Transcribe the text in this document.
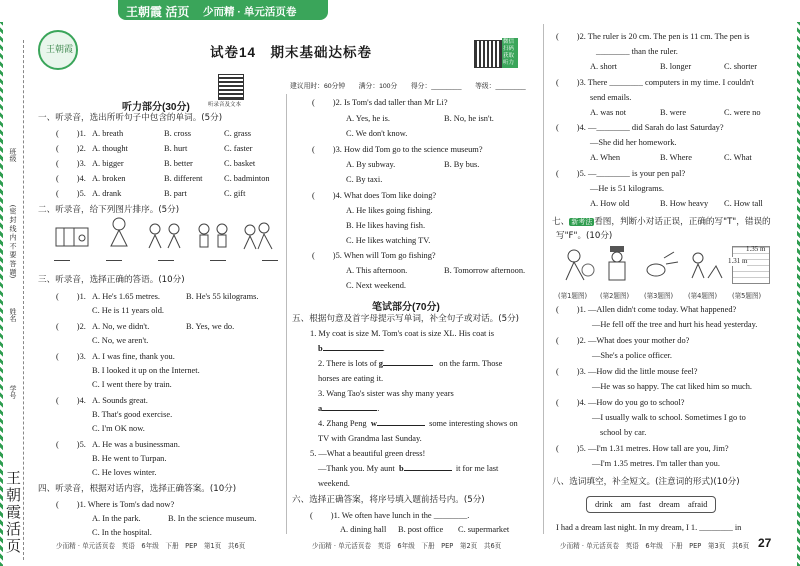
王朝霞 活页 少而精 · 单元活页卷
班级
(密 封 线 内 不 要 答 题)
姓名
学号
王
朝
霞
活
页
王朝霞	试卷14　期末基础达标卷
微信扫码获取听力
听录音及文本
建议用时：60分钟　　满分：100分　　得分：________　　等级：________
听力部分(30分)
一、听录音，选出所听句子中包含的单词。(5分)
( )1. A. breath	B. cross	C. grass
( )2. A. thought	B. hurt	C. faster
( )3. A. bigger	B. better	C. basket
( )4. A. broken	B. different	C. badminton
( )5. A. drank	B. part	C. gift
二、听录音，给下列图片排序。(5分)
三、听录音，选择正确的答语。(10分)
( )1. A. He's 1.65 metres.	B. He's 55 kilograms.
C. He is 11 years old.
( )2. A. No, we didn't.	B. Yes, we do.
C. No, we aren't.
( )3. A. I was fine, thank you.
B. I looked it up on the Internet.
C. I went there by train.
( )4. A. Sounds great.
B. That's good exercise.
C. I'm OK now.
( )5. A. He was a businessman.
B. He went to Turpan.
C. He loves winter.
四、听录音，根据对话内容，选择正确答案。(10分)
( )1. Where is Tom's dad now?
A. In the park.	B. In the science museum.
C. In the hospital.
( )2. Is Tom's dad taller than Mr Li?
A. Yes, he is.	B. No, he isn't.
C. We don't know.
( )3. How did Tom go to the science museum?
A. By subway.	B. By bus.
C. By taxi.
( )4. What does Tom like doing?
A. He likes going fishing.
B. He likes having fish.
C. He likes watching TV.
( )5. When will Tom go fishing?
A. This afternoon.	B. Tomorrow afternoon.
C. Next weekend.
笔试部分(70分)
五、根据句意及首字母提示写单词，补全句子或对话。(5分)
1. My coat is size M. Tom's coat is size XL. His coat is
b	.
2. There is lots of g	on the farm. Those
horses are eating it.
3. Wang Tao's sister was shy many years
a	.
4. Zhang Peng w	some interesting shows on
TV with Grandma last Sunday.
5. —What a beautiful green dress!
—Thank you. My aunt b	it for me last
weekend.
六、选择正确答案，将序号填入题前括号内。(5分)
( )1. We often have lunch in the ________.
A. dining hall B. post office C. supermarket
( )2. The ruler is 20 cm. The pen is 11 cm. The pen is
________ than the ruler.
A. short	B. longer	C. shorter
( )3. There ________ computers in my time. I couldn't
send emails.
A. was not	B. were	C. were no
( )4. —________ did Sarah do last Saturday?
—She did her homework.
A. When	B. Where	C. What
( )5. —________ is your pen pal?
—He is 51 kilograms.
A. How old	B. How heavy C. How tall
七、 新考法 看图，判断小对话正误，正确的写"T"，错误的
写"F"。(10分)
1.35 m
1.31 m
(第1题图) (第2题图) (第3题图) (第4题图) (第5题图)
( )1. —Allen didn't come today. What happened?
—He fell off the tree and hurt his head yesterday.
( )2. —What does your mother do?
—She's a police officer.
( )3. —How did the little mouse feel?
—He was so happy. The cat liked him so much.
( )4. —How do you go to school?
—I usually walk to school. Sometimes I go to
school by car.
( )5. —I'm 1.31 metres. How tall are you, Jim?
—I'm 1.35 metres. I'm taller than you.
八、选词填空，补全短文。(注意词的形式)(10分)
drink am fast dream afraid
I had a dream last night. In my dream, I 1. ________ in
少而精 · 单元活页卷　英语　6年级　下册　PEP　第1页　共6页	少而精 · 单元活页卷　英语　6年级　下册　PEP　第2页　共6页	少而精 · 单元活页卷　英语　6年级　下册　PEP　第3页　共6页 27
